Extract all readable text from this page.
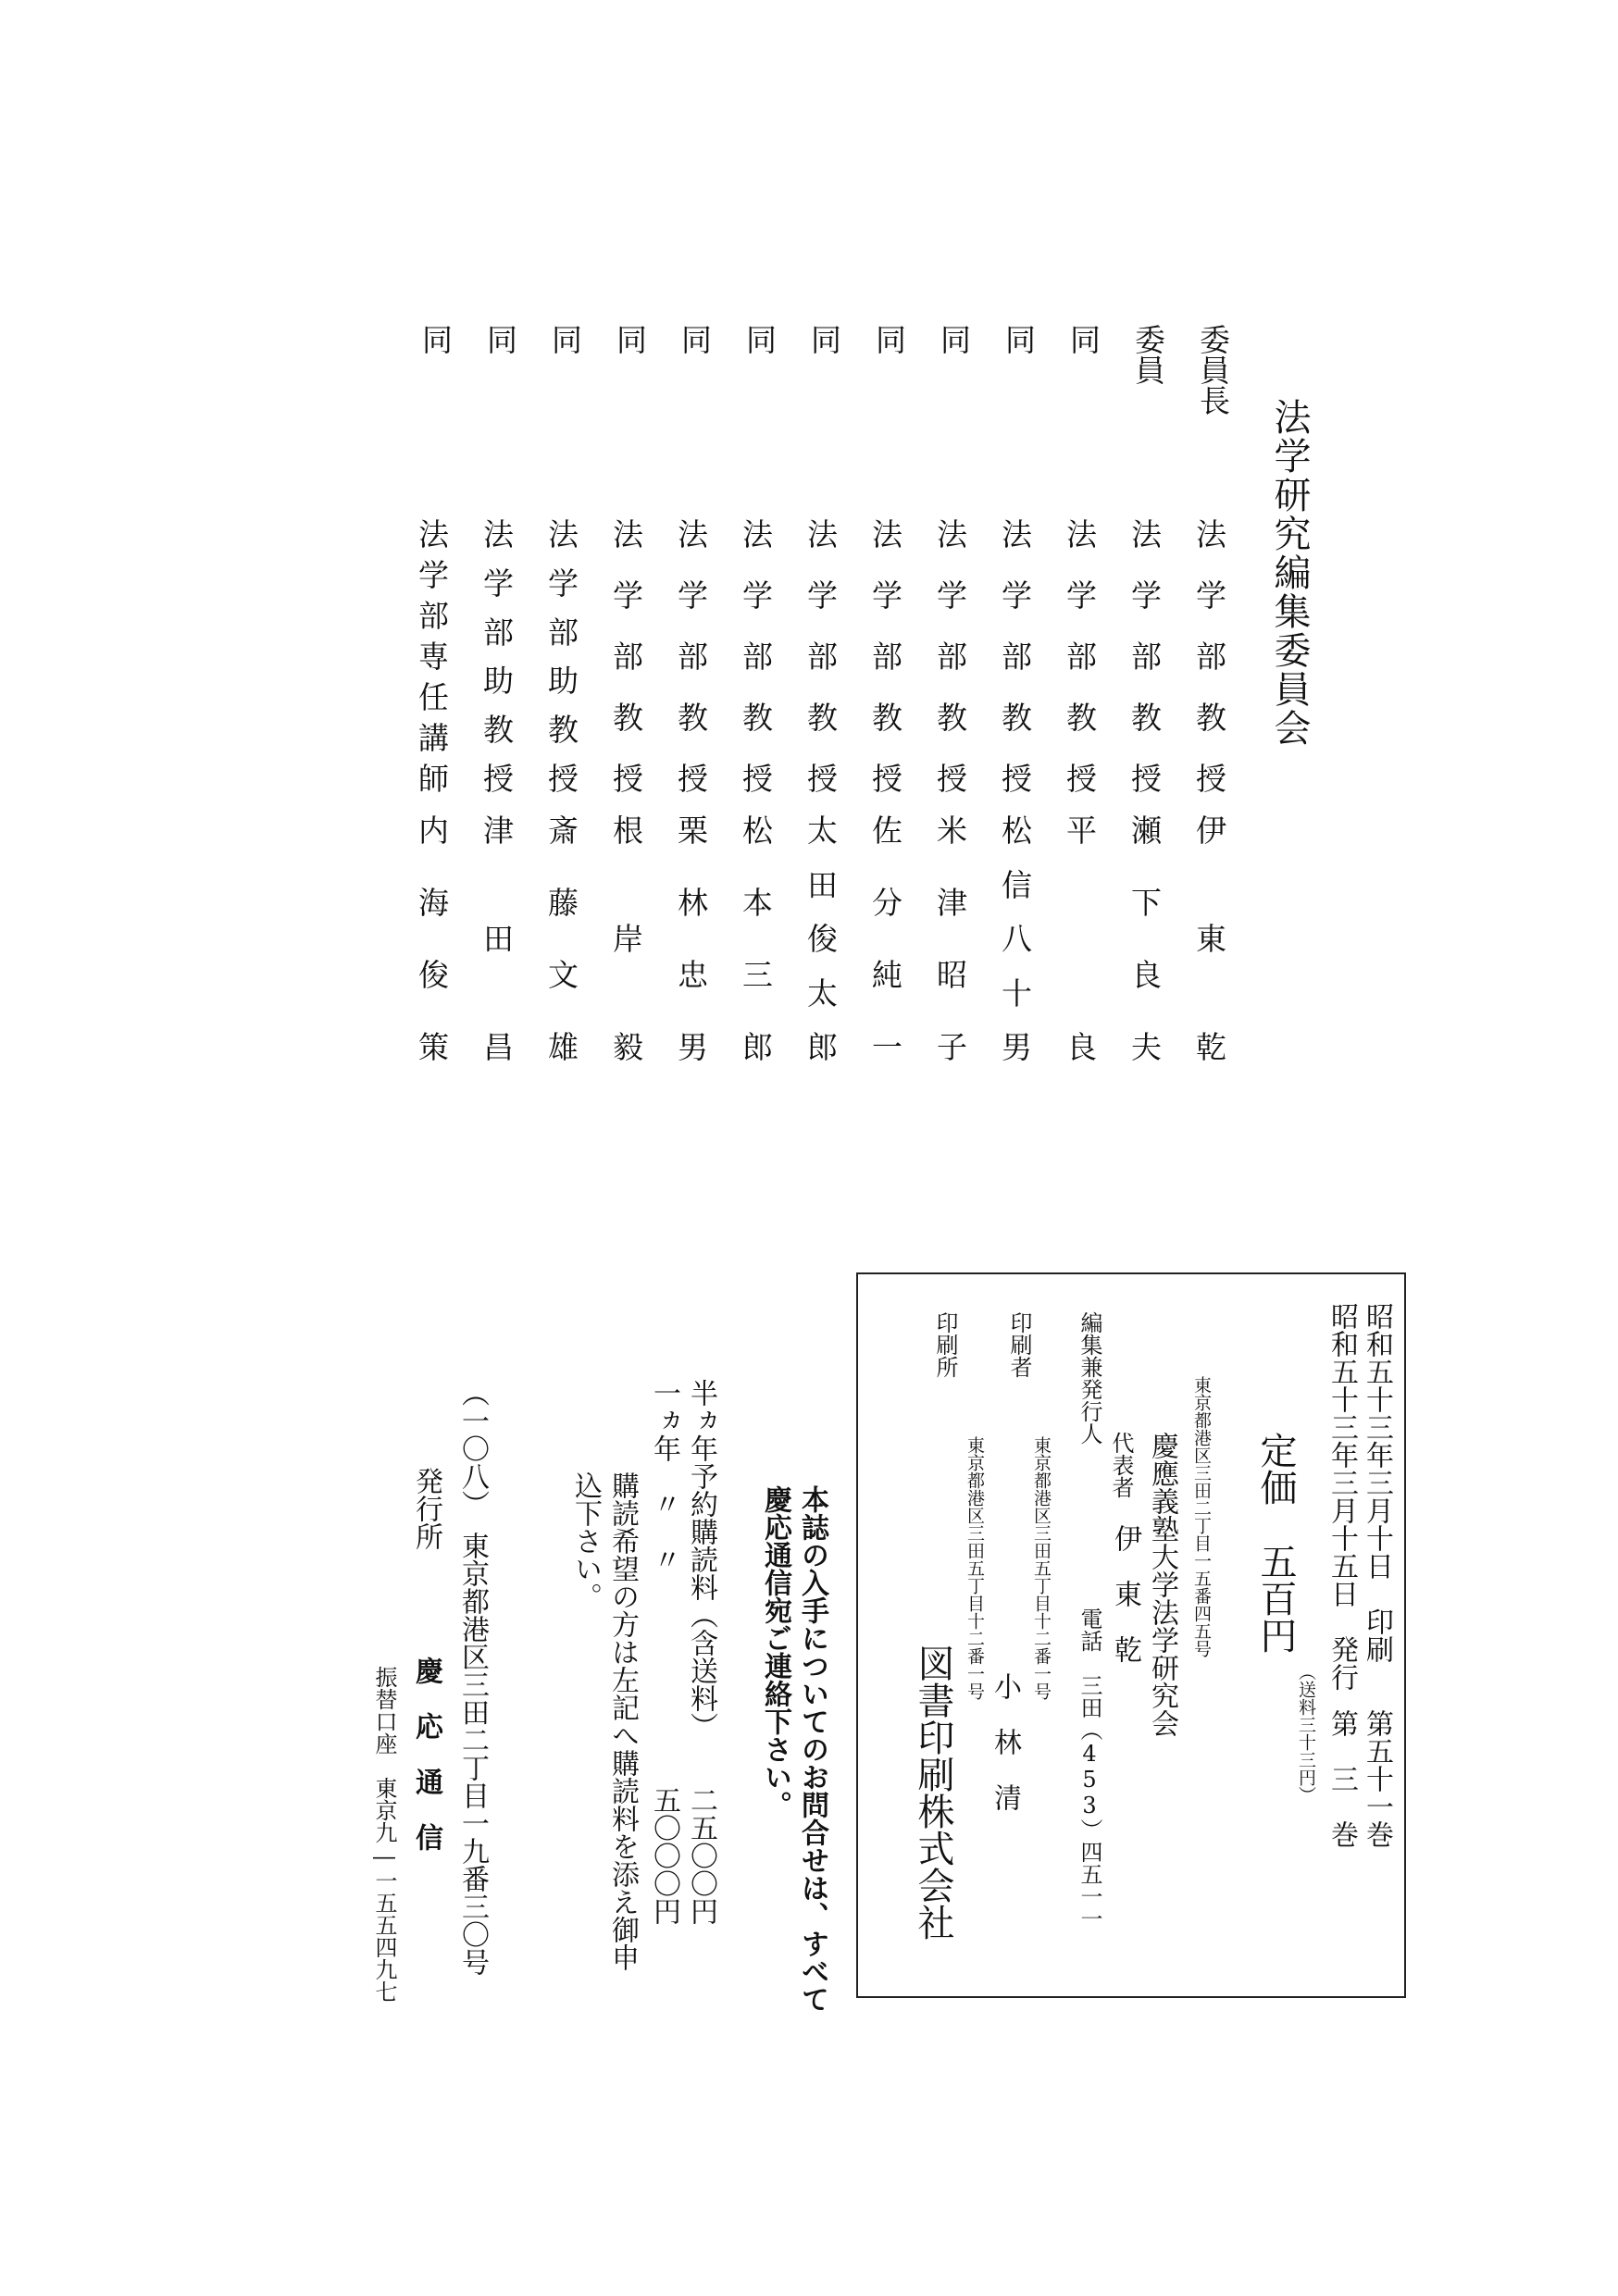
法学研究編集委員会
委員長
法
学
部
教
授
伊
東
乾
委員
法
学
部
教
授
瀬
下
良
夫
同
法
学
部
教
授
平
良
同
法
学
部
教
授
松
信
八
十
男
同
法
学
部
教
授
米
津
昭
子
同
法
学
部
教
授
佐
分
純
一
同
法
学
部
教
授
太
田
俊
太
郎
同
法
学
部
教
授
松
本
三
郎
同
法
学
部
教
授
栗
林
忠
男
同
法
学
部
教
授
根
岸
毅
同
法
学
部
助
教
授
斎
藤
文
雄
同
法
学
部
助
教
授
津
田
昌
同
法
学
部
専
任
講
師
内
海
俊
策
昭和五十三年三月十日　印刷
昭和五十三年三月十五日　発行
第五十一巻
第　三　巻
定価　五百円
（送料三十三円）
東京都港区三田二丁目一五番四五号
慶應義塾大学法学研究会
編集兼発行人
代表者
伊　東　乾
電話　三田（453）四五一一
印刷者
東京都港区三田五丁目十二番一号
小　林　清
印刷所
東京都港区三田五丁目十二番一号
図書印刷株式会社
本誌の入手についてのお問合せは、すべて
慶応通信宛ご連絡下さい。
半ヵ年予約購読料（含送料）
二五〇〇円
一ヵ年　〃　〃
五〇〇〇円
購読希望の方は左記へ購読料を添え御申
込下さい。
（一〇八）　東京都港区三田二丁目一九番三〇号
発行所
慶　応　通　信
振替口座　東京九―一五五四九七
